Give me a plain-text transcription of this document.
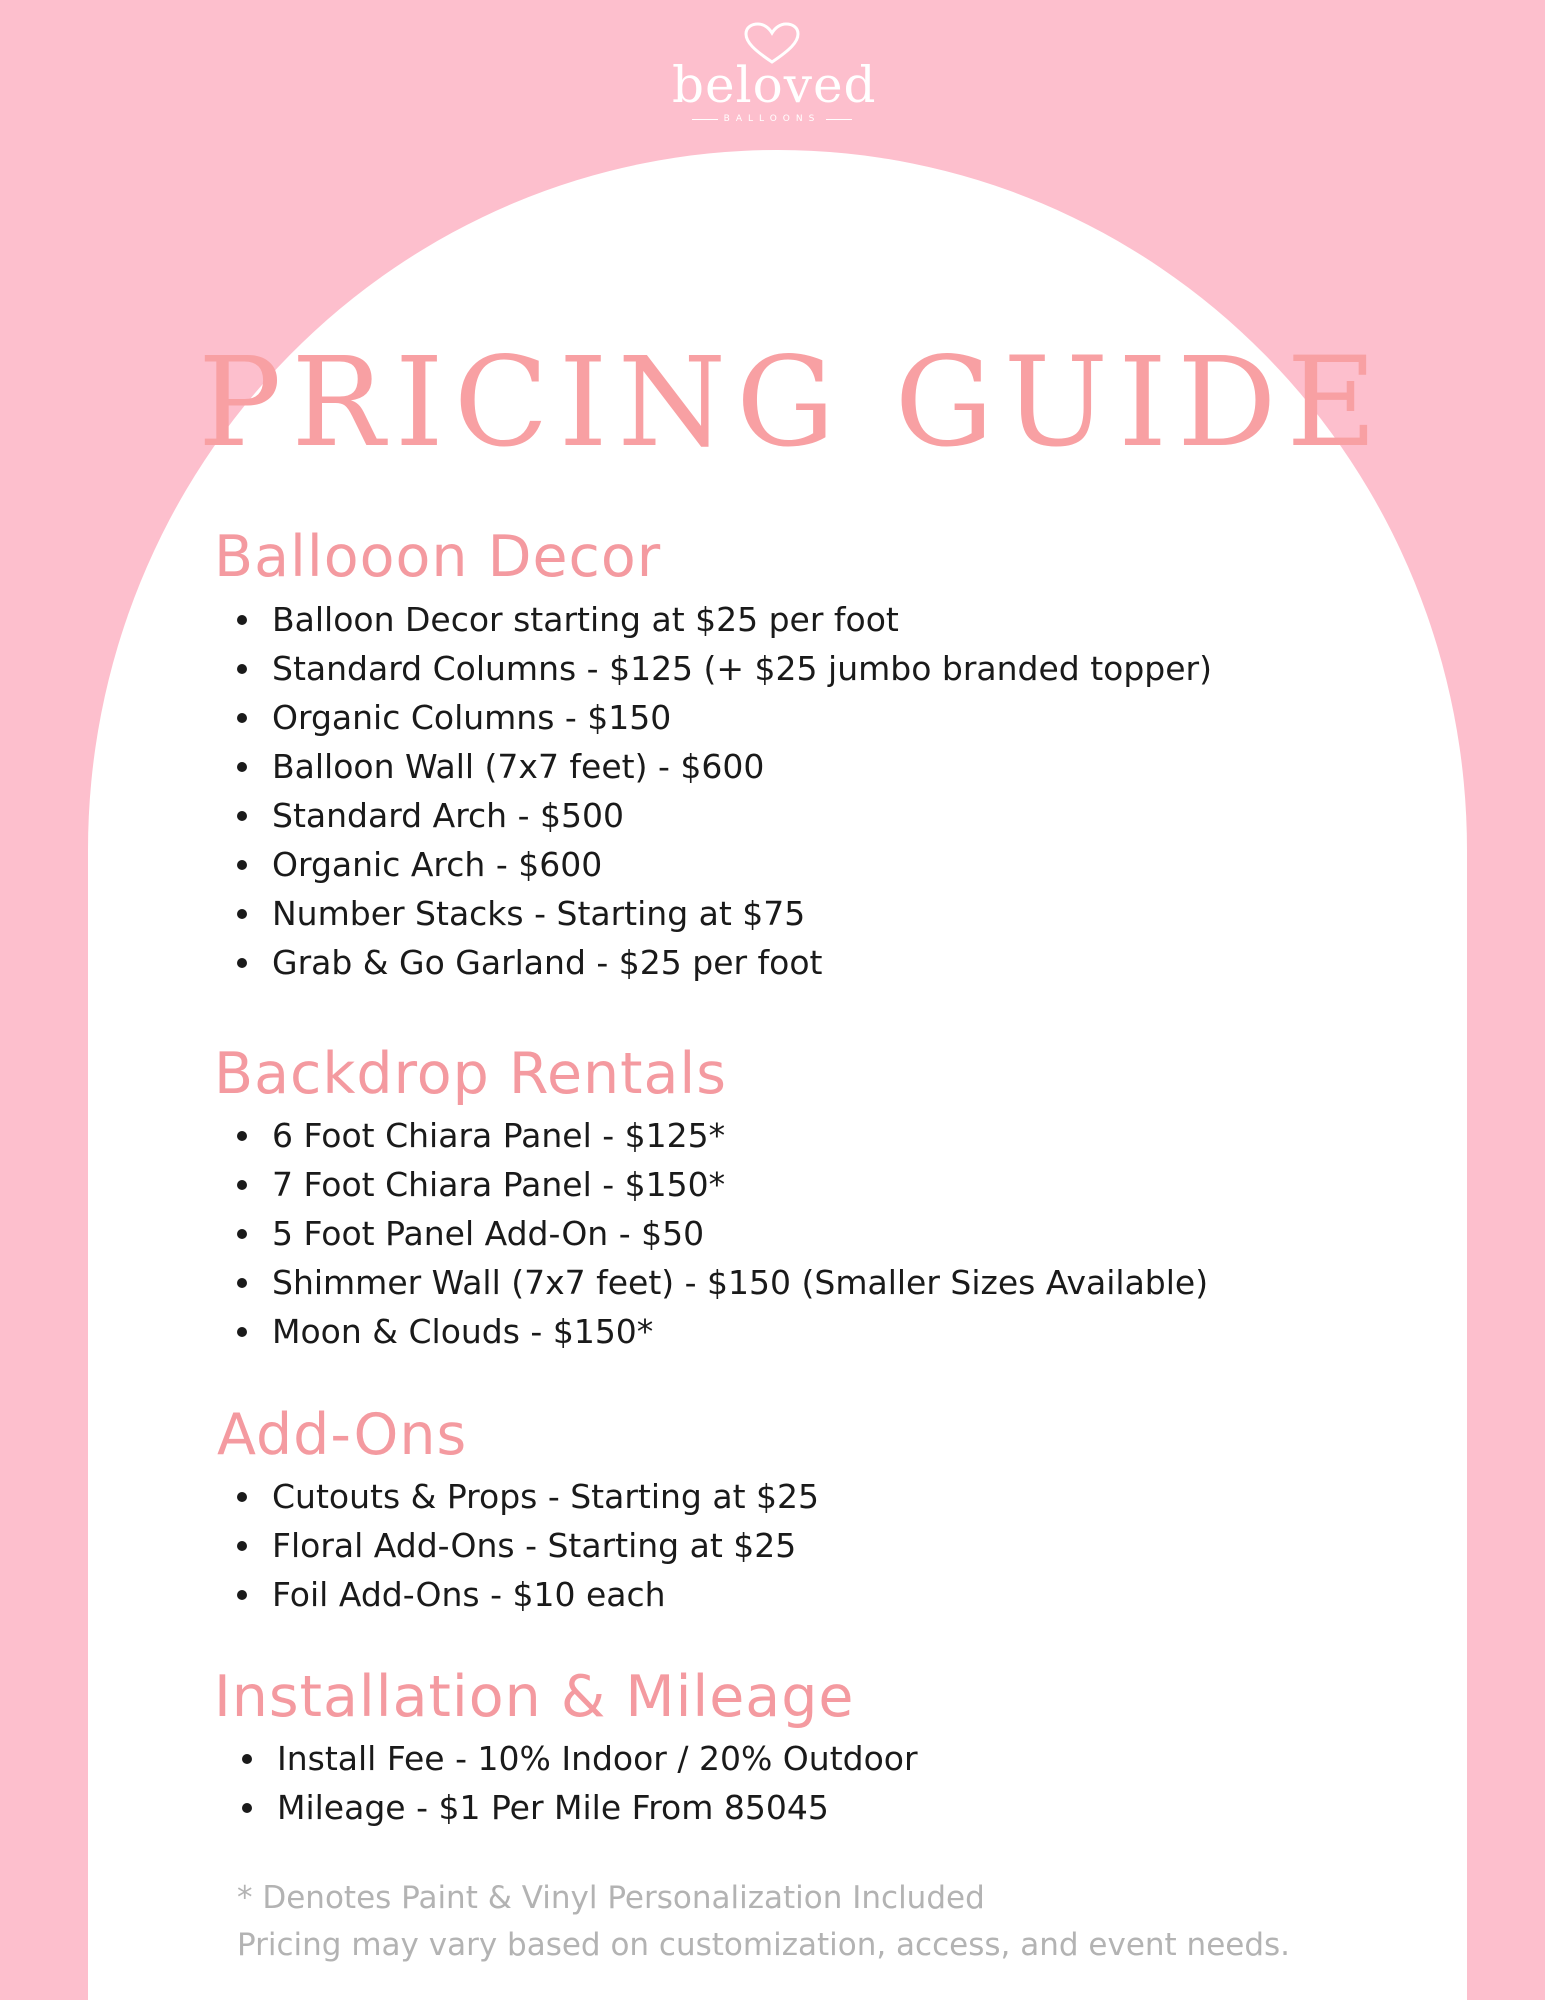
beloved
BALLOONS
PRICING GUIDE
Ballooon Decor
Balloon Decor starting at $25 per foot
Standard Columns - $125 (+ $25 jumbo branded topper)
Organic Columns - $150
Balloon Wall (7x7 feet) - $600
Standard Arch - $500
Organic Arch - $600
Number Stacks - Starting at $75
Grab & Go Garland - $25 per foot
Backdrop Rentals
6 Foot Chiara Panel - $125*
7 Foot Chiara Panel - $150*
5 Foot Panel Add-On - $50
Shimmer Wall (7x7 feet) - $150 (Smaller Sizes Available)
Moon & Clouds - $150*
Add-Ons
Cutouts & Props - Starting at $25
Floral Add-Ons - Starting at $25
Foil Add-Ons - $10 each
Installation & Mileage
Install Fee - 10% Indoor / 20% Outdoor
Mileage - $1 Per Mile From 85045
* Denotes Paint & Vinyl Personalization Included
Pricing may vary based on customization, access, and event needs.
